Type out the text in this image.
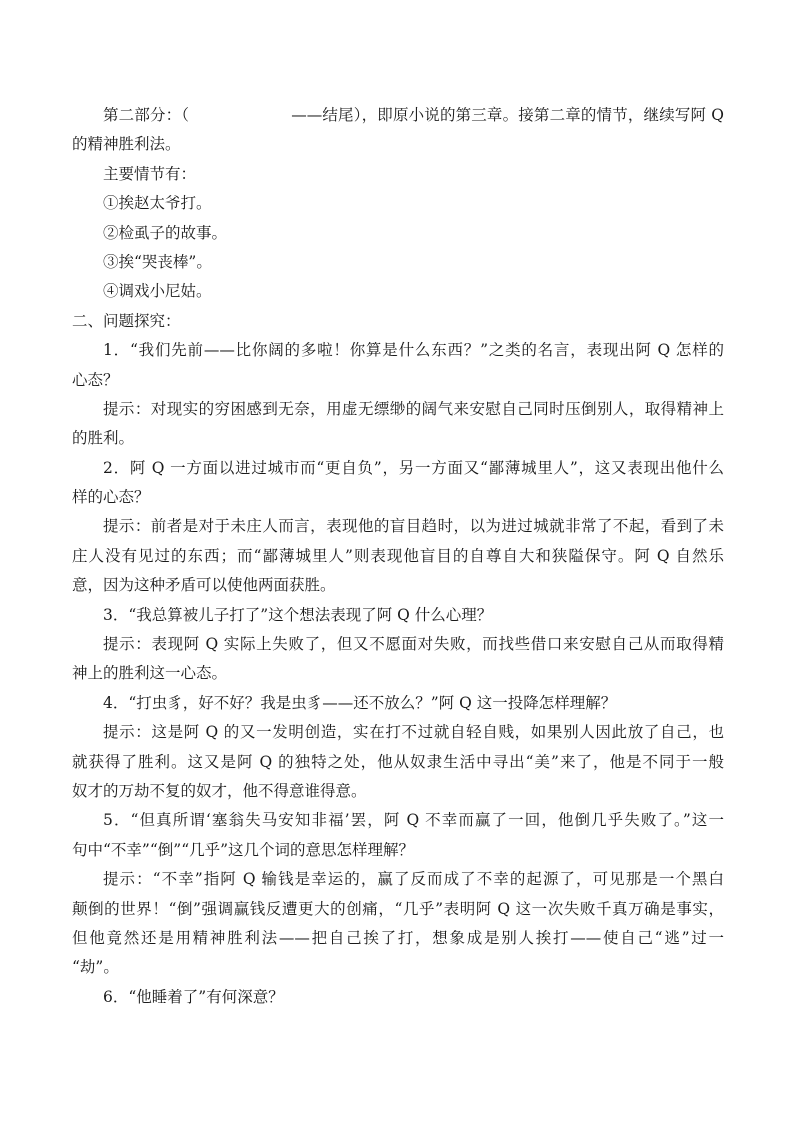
第二部分：（	——结尾），即原小说的第三章。接第二章的情节，继续写阿 Q

的精神胜利法。

主要情节有：

①挨赵太爷打。

②检虱子的故事。

③挨“哭丧棒”。

④调戏小尼姑。

二、问题探究：

1．“我们先前——比你阔的多啦！你算是什么东西？”之类的名言，表现出阿 Q 怎样的

心态？

提示：对现实的穷困感到无奈，用虚无缥缈的阔气来安慰自己同时压倒别人，取得精神上

的胜利。

2．阿 Q 一方面以进过城市而“更自负”，另一方面又“鄙薄城里人”，这又表现出他什么

样的心态？

提示：前者是对于未庄人而言，表现他的盲目趋时，以为进过城就非常了不起，看到了未

庄人没有见过的东西；而“鄙薄城里人”则表现他盲目的自尊自大和狭隘保守。阿 Q 自然乐

意，因为这种矛盾可以使他两面获胜。

3．“我总算被儿子打了”这个想法表现了阿 Q 什么心理？

提示：表现阿 Q 实际上失败了，但又不愿面对失败，而找些借口来安慰自己从而取得精

神上的胜利这一心态。

4．“打虫豸，好不好？我是虫豸——还不放么？”阿 Q 这一投降怎样理解？

提示：这是阿 Q 的又一发明创造，实在打不过就自轻自贱，如果别人因此放了自己，也

就获得了胜利。这又是阿 Q 的独特之处，他从奴隶生活中寻出“美”来了，他是不同于一般

奴才的万劫不复的奴才，他不得意谁得意。

5．“但真所谓‘塞翁失马安知非福’罢，阿 Q 不幸而赢了一回，他倒几乎失败了。”这一

句中“不幸”“倒”“几乎”这几个词的意思怎样理解？

提示：“不幸”指阿 Q 输钱是幸运的，赢了反而成了不幸的起源了，可见那是一个黑白

颠倒的世界！“倒”强调赢钱反遭更大的创痛，“几乎”表明阿 Q 这一次失败千真万确是事实，

但他竟然还是用精神胜利法——把自己挨了打，想象成是别人挨打——使自己“逃”过一

“劫”。

6．“他睡着了”有何深意？
